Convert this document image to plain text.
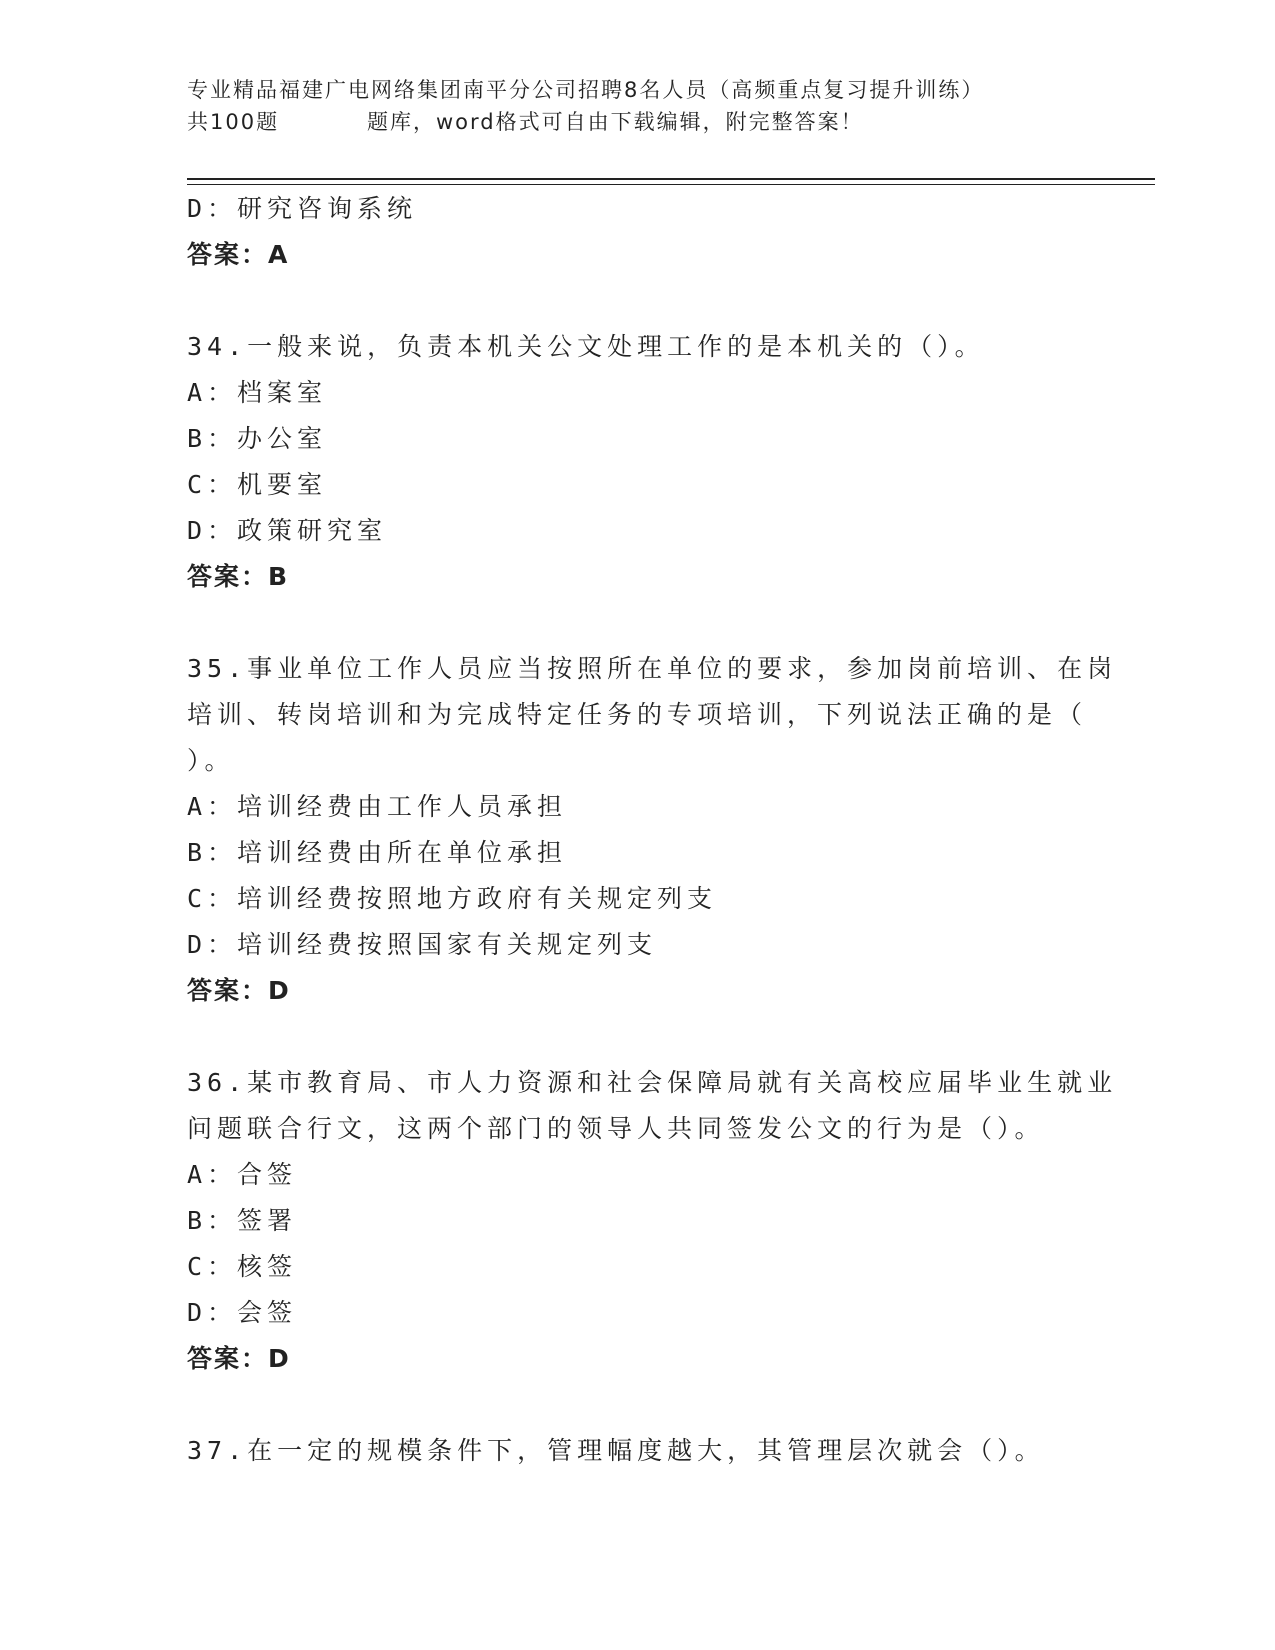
专业精品福建广电网络集团南平分公司招聘8名人员（高频重点复习提升训练）
共100题	题库，word格式可自由下载编辑，附完整答案！
D：研究咨询系统
答案：A
34.一般来说，负责本机关公文处理工作的是本机关的（）。
A：档案室
B：办公室
C：机要室
D：政策研究室
答案：B
35.事业单位工作人员应当按照所在单位的要求，参加岗前培训、在岗
培训、转岗培训和为完成特定任务的专项培训，下列说法正确的是（
）。
A：培训经费由工作人员承担
B：培训经费由所在单位承担
C：培训经费按照地方政府有关规定列支
D：培训经费按照国家有关规定列支
答案：D
36.某市教育局、市人力资源和社会保障局就有关高校应届毕业生就业
问题联合行文，这两个部门的领导人共同签发公文的行为是（）。
A：合签
B：签署
C：核签
D：会签
答案：D
37.在一定的规模条件下，管理幅度越大，其管理层次就会（）。
